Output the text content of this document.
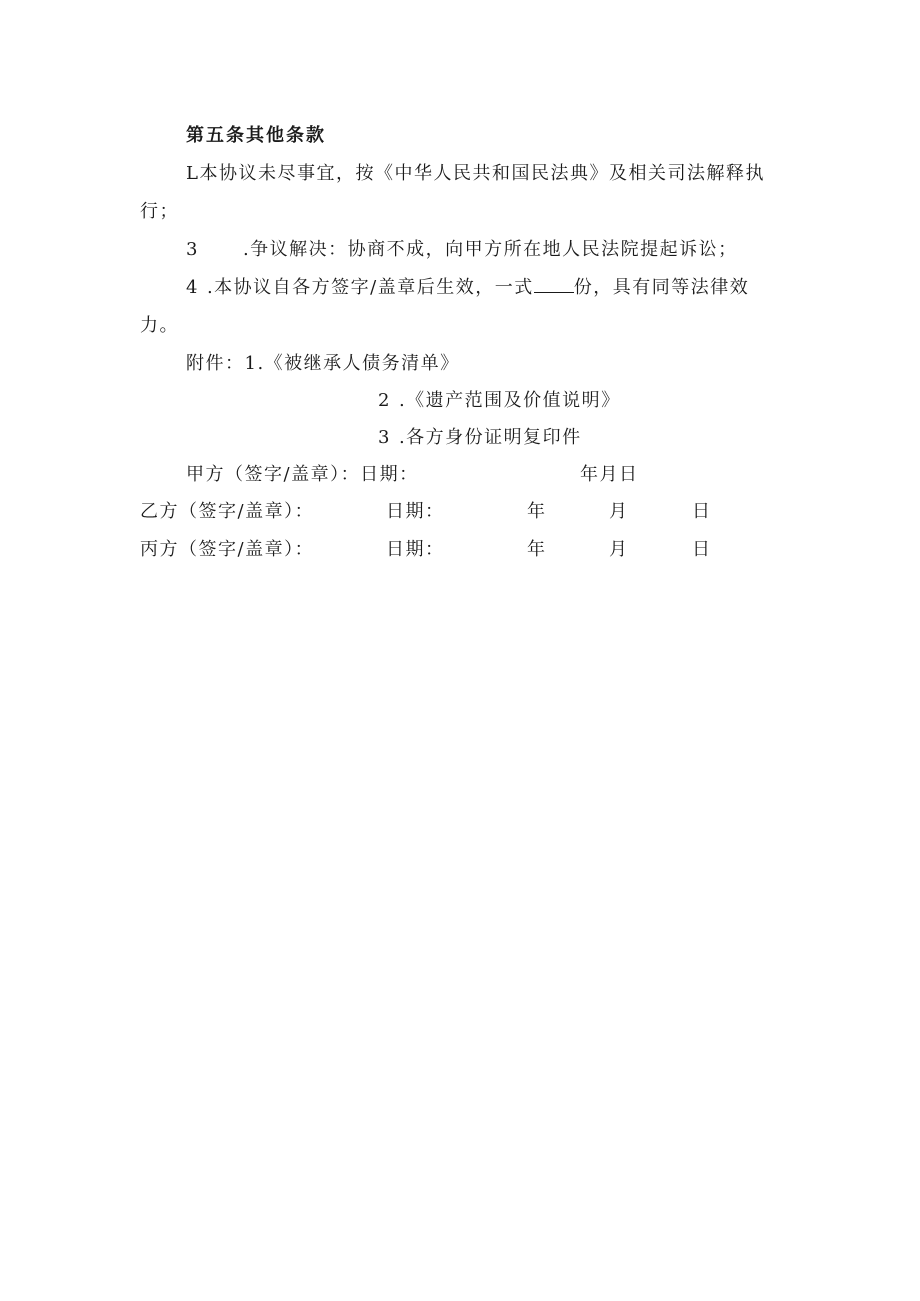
第五条其他条款
L本协议未尽事宜，按《中华人民共和国民法典》及相关司法解释执
行；
3 .争议解决：协商不成，向甲方所在地人民法院提起诉讼；
4 .本协议自各方签字/盖章后生效，一式 份，具有同等法律效
力。
附件：1.《被继承人债务清单》
2 .《遗产范围及价值说明》
3 .各方身份证明复印件
甲方（签字/盖章）：日期：	年月日
乙方（签字/盖章）：	日期：	年	月	日
丙方（签字/盖章）：	日期：	年	月	日
